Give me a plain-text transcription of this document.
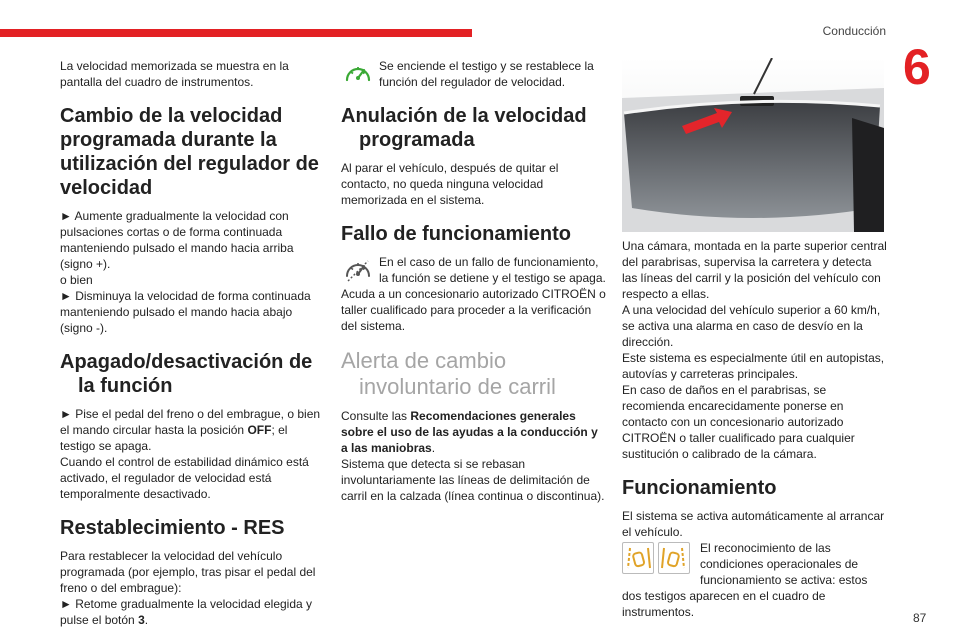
Conducción
6
87

La velocidad memorizada se muestra en la pantalla del cuadro de instrumentos.

Cambio de la velocidad programada durante la utilización del regulador de
velocidad

► Aumente gradualmente la velocidad con pulsaciones cortas o de forma continuada manteniendo pulsado el mando hacia arriba (signo +).

o bien

► Disminuya la velocidad de forma continuada manteniendo pulsado el mando hacia abajo (signo -).

Apagado/desactivación de
la función

► Pise el pedal del freno o del embrague, o bien el mando circular hasta la posición OFF; el testigo se apaga.

Cuando el control de estabilidad dinámico está activado, el regulador de velocidad está temporalmente desactivado.

Restablecimiento - RES

Para restablecer la velocidad del vehículo programada (por ejemplo, tras pisar el pedal del freno o del embrague):

► Retome gradualmente la velocidad elegida y pulse el botón 3.

Se enciende el testigo y se restablece la función del regulador de velocidad.

Anulación de la velocidad
programada

Al parar el vehículo, después de quitar el contacto, no queda ninguna velocidad memorizada en el sistema.

Fallo de funcionamiento

En el caso de un fallo de funcionamiento, la función se detiene y el testigo se apaga.

Acuda a un concesionario autorizado CITROËN o taller cualificado para proceder a la verificación del sistema.

Alerta de cambio
involuntario de carril

Consulte las Recomendaciones generales sobre el uso de las ayudas a la conducción y a las maniobras.

Sistema que detecta si se rebasan involuntariamente las líneas de delimitación de carril en la calzada (línea continua o discontinua).

Una cámara, montada en la parte superior central del parabrisas, supervisa la carretera y detecta las líneas del carril y la posición del vehículo con respecto a ellas.

A una velocidad del vehículo superior a 60 km/h, se activa una alarma en caso de desvío en la dirección.

Este sistema es especialmente útil en autopistas, autovías y carreteras principales.

En caso de daños en el parabrisas, se recomienda encarecidamente ponerse en contacto con un concesionario autorizado CITROËN o taller cualificado para cualquier sustitución o calibrado de la cámara.

Funcionamiento

El sistema se activa automáticamente al arrancar el vehículo.

El reconocimiento de las condiciones operacionales de funcionamiento se activa: estos dos testigos aparecen en el cuadro de instrumentos.
